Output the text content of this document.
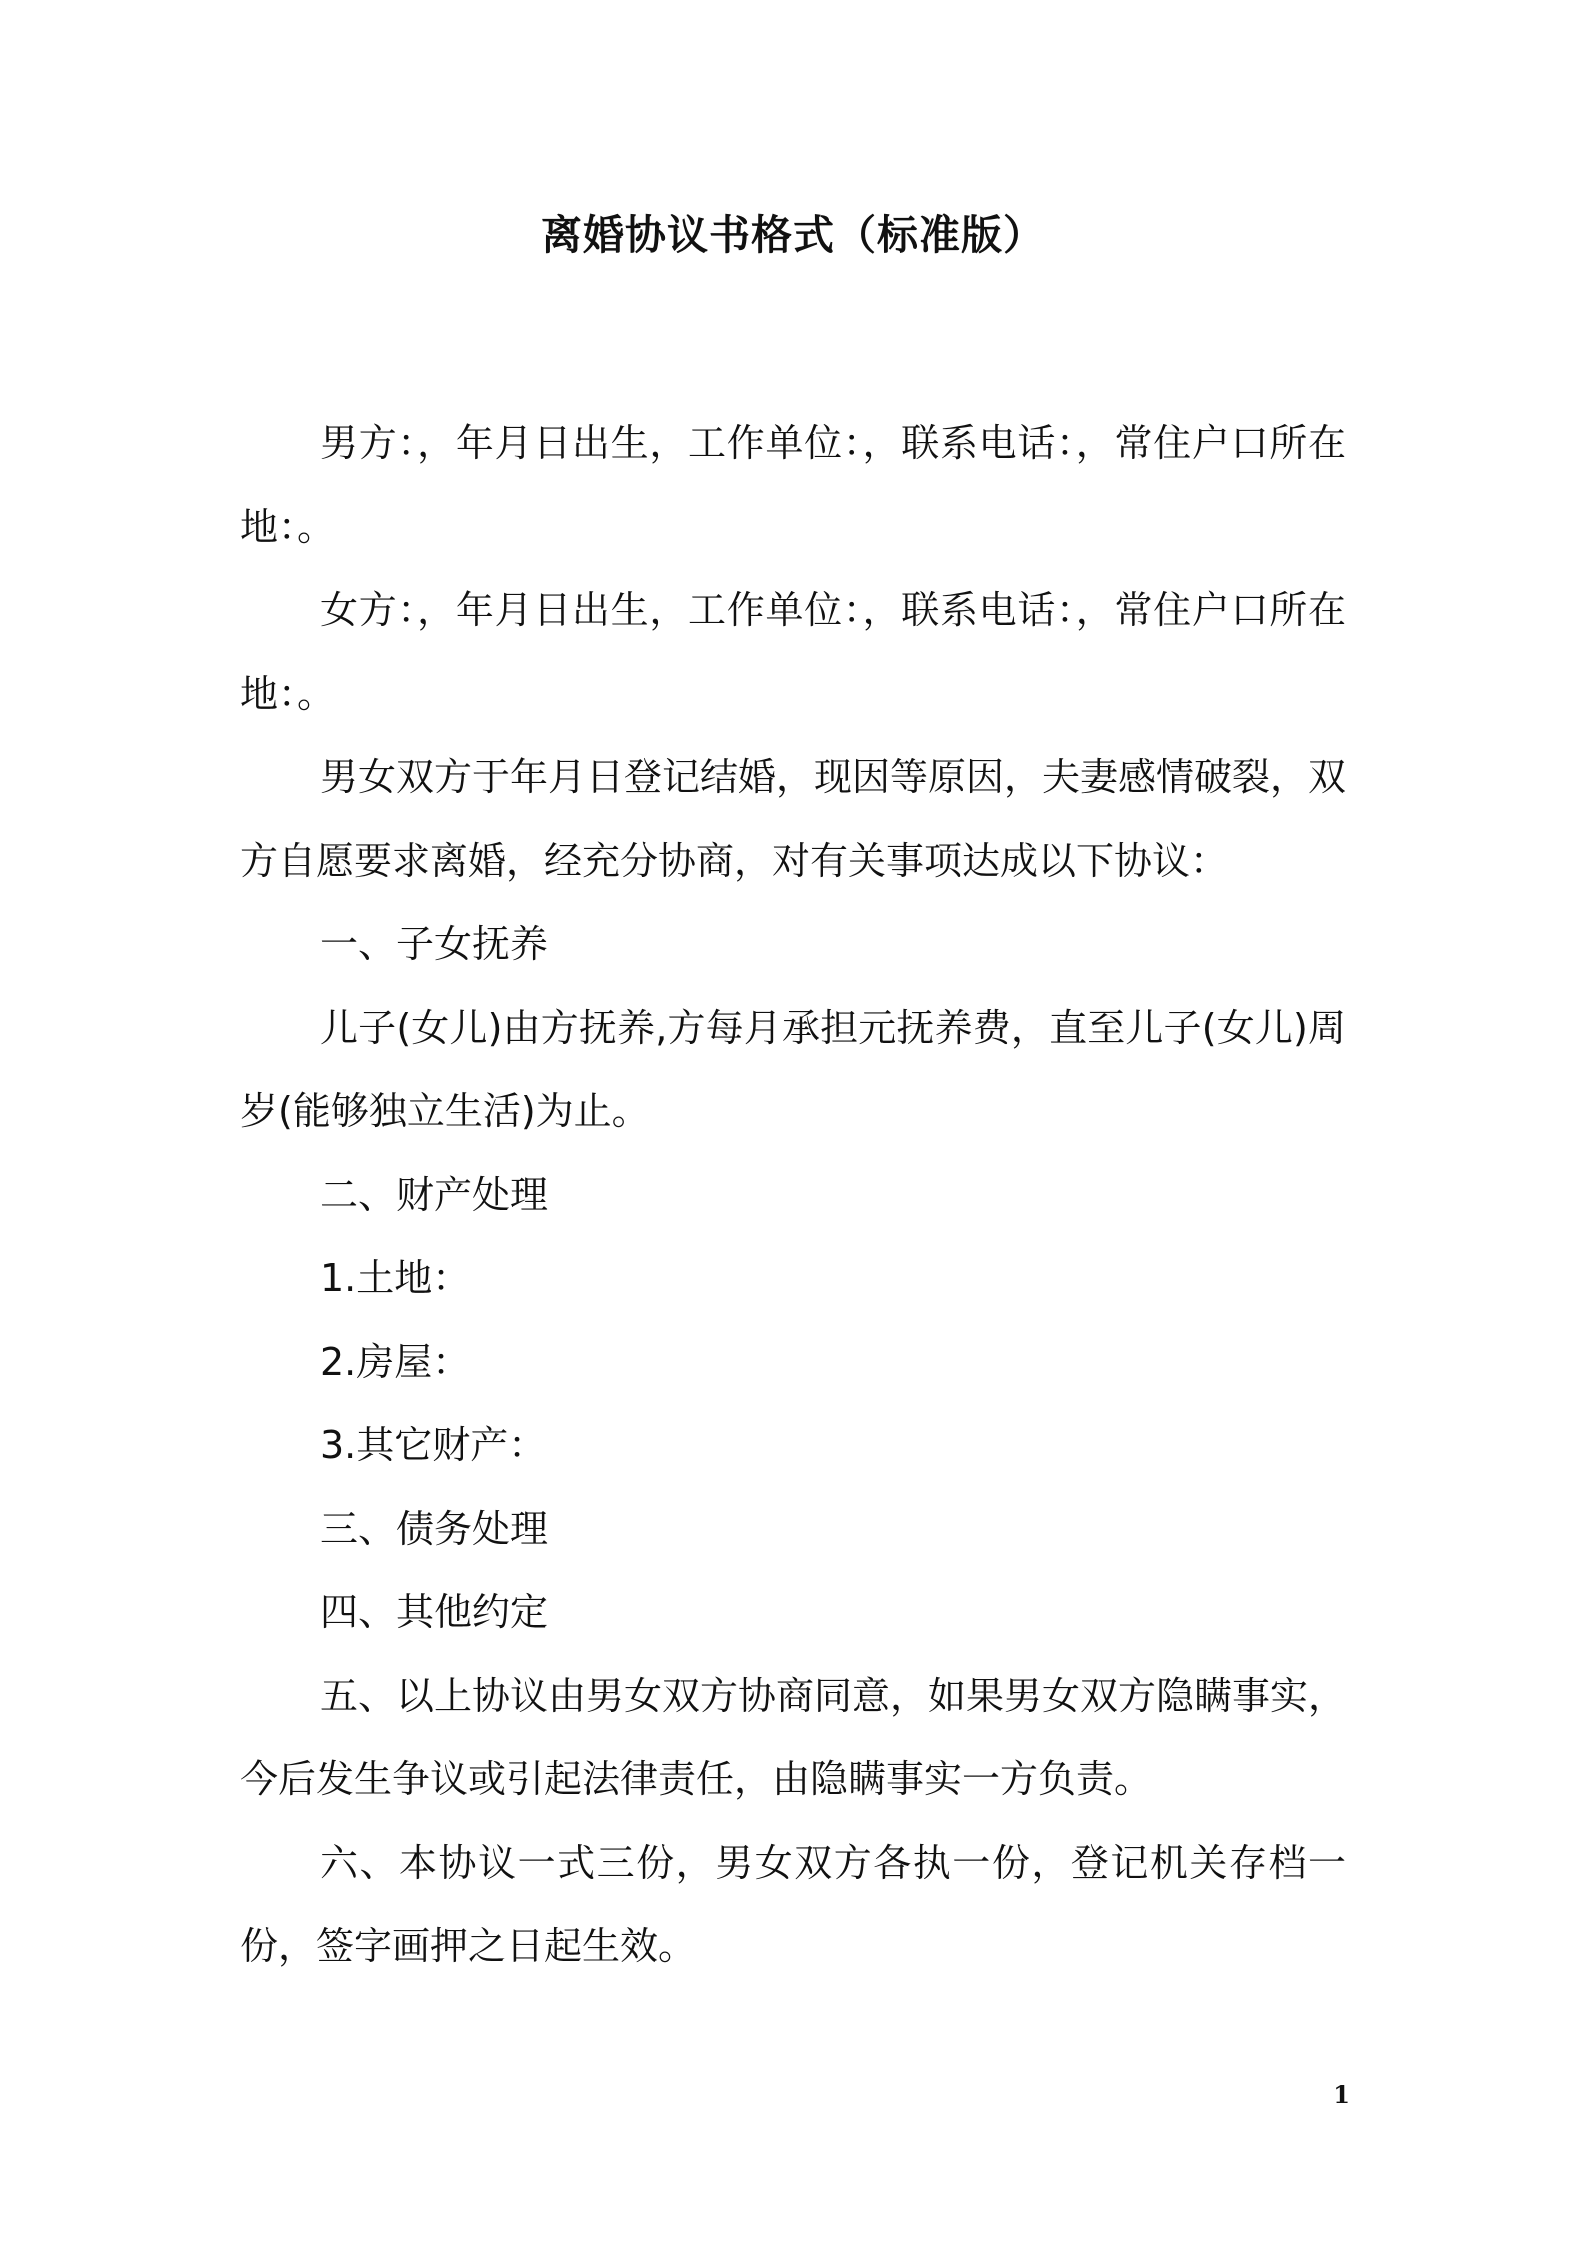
离婚协议书格式（标准版）

男方：，年月日出生，工作单位：，联系电话：，常住户口所在地：。

女方：，年月日出生，工作单位：，联系电话：，常住户口所在地：。

男女双方于年月日登记结婚，现因等原因，夫妻感情破裂，双方自愿要求离婚，经充分协商，对有关事项达成以下协议：

一、子女抚养

儿子(女儿)由方抚养,方每月承担元抚养费，直至儿子(女儿)周岁(能够独立生活)为止。

二、财产处理

1.土地：

2.房屋：

3.其它财产：

三、债务处理

四、其他约定

五、以上协议由男女双方协商同意，如果男女双方隐瞒事实，今后发生争议或引起法律责任，由隐瞒事实一方负责。

六、本协议一式三份，男女双方各执一份，登记机关存档一份，签字画押之日起生效。

1
